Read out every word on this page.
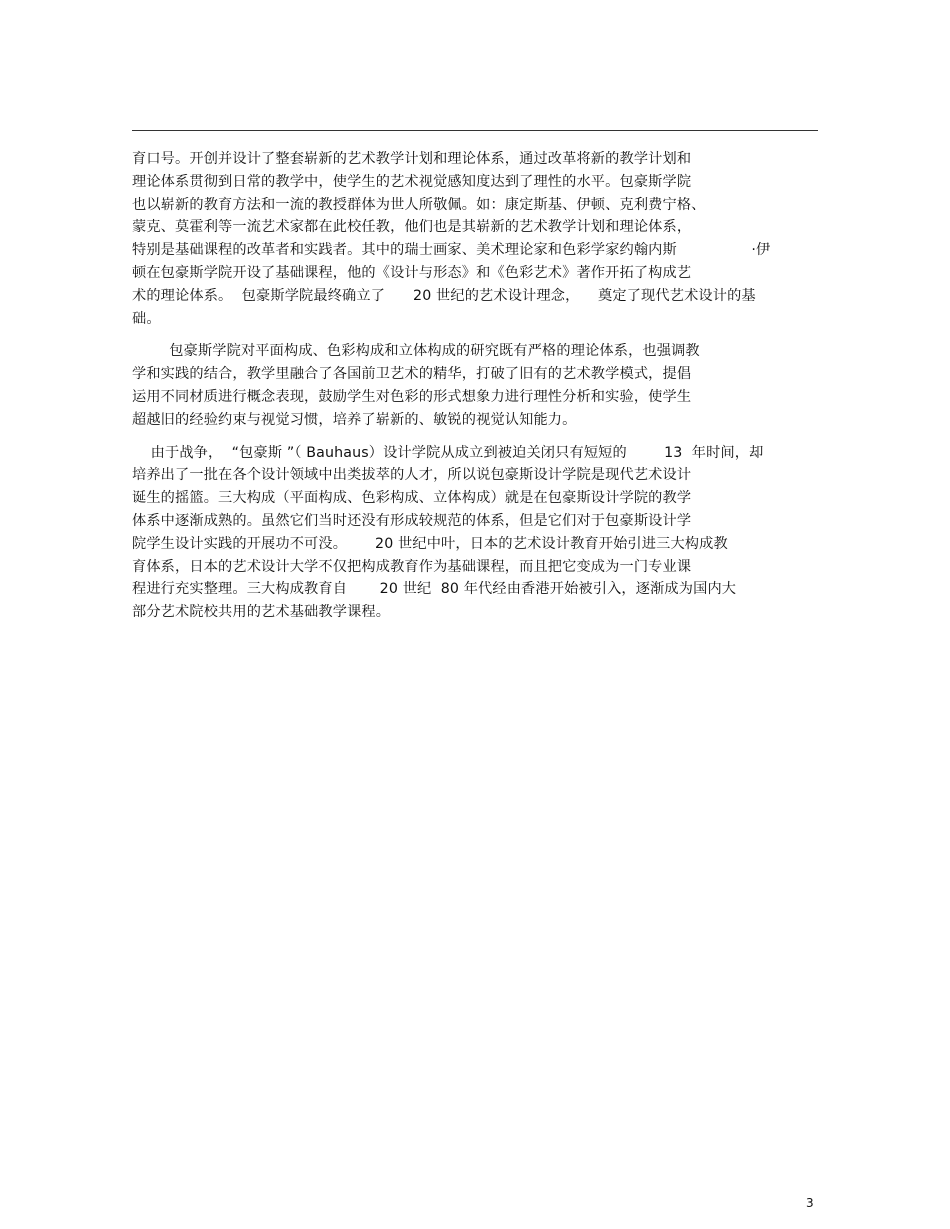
育口号。开创并设计了整套崭新的艺术教学计划和理论体系，通过改革将新的教学计划和
理论体系贯彻到日常的教学中，使学生的艺术视觉感知度达到了理性的水平。包豪斯学院
也以崭新的教育方法和一流的教授群体为世人所敬佩。如：康定斯基、伊顿、克利费宁格、
蒙克、莫霍利等一流艺术家都在此校任教，他们也是其崭新的艺术教学计划和理论体系，
特别是基础课程的改革者和实践者。其中的瑞士画家、美术理论家和色彩学家约翰内斯                ·伊
顿在包豪斯学院开设了基础课程，他的《设计与形态》和《色彩艺术》著作开拓了构成艺
术的理论体系。  包豪斯学院最终确立了      20 世纪的艺术设计理念，    奠定了现代艺术设计的基
础。
包豪斯学院对平面构成、色彩构成和立体构成的研究既有严格的理论体系，也强调教
学和实践的结合，教学里融合了各国前卫艺术的精华，打破了旧有的艺术教学模式，提倡
运用不同材质进行概念表现，鼓励学生对色彩的形式想象力进行理性分析和实验，使学生
超越旧的经验约束与视觉习惯，培养了崭新的、敏锐的视觉认知能力。
由于战争，  “包豪斯 ”（ Bauhaus）设计学院从成立到被迫关闭只有短短的        13  年时间，却
培养出了一批在各个设计领域中出类拔萃的人才，所以说包豪斯设计学院是现代艺术设计
诞生的摇篮。三大构成（平面构成、色彩构成、立体构成）就是在包豪斯设计学院的教学
体系中逐渐成熟的。虽然它们当时还没有形成较规范的体系，但是它们对于包豪斯设计学
院学生设计实践的开展功不可没。      20 世纪中叶，日本的艺术设计教育开始引进三大构成教
育体系，日本的艺术设计大学不仅把构成教育作为基础课程，而且把它变成为一门专业课
程进行充实整理。三大构成教育自       20 世纪  80 年代经由香港开始被引入，逐渐成为国内大
部分艺术院校共用的艺术基础教学课程。
3
